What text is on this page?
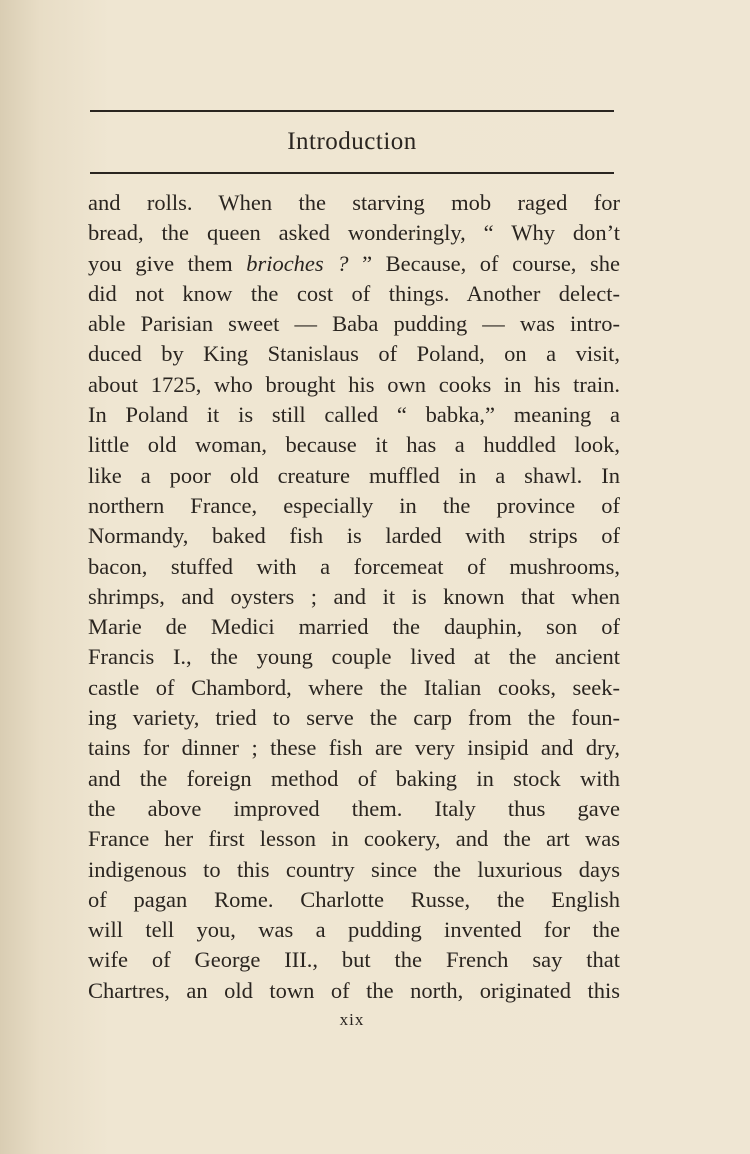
Introduction
and rolls. When the starving mob raged for
bread, the queen asked wonderingly, “ Why don’t
you give them brioches ? ” Because, of course, she
did not know the cost of things. Another delect-
able Parisian sweet — Baba pudding — was intro-
duced by King Stanislaus of Poland, on a visit,
about 1725, who brought his own cooks in his train.
In Poland it is still called “ babka,” meaning a
little old woman, because it has a huddled look,
like a poor old creature muffled in a shawl. In
northern France, especially in the province of
Normandy, baked fish is larded with strips of
bacon, stuffed with a forcemeat of mushrooms,
shrimps, and oysters ; and it is known that when
Marie de Medici married the dauphin, son of
Francis I., the young couple lived at the ancient
castle of Chambord, where the Italian cooks, seek-
ing variety, tried to serve the carp from the foun-
tains for dinner ; these fish are very insipid and dry,
and the foreign method of baking in stock with
the above improved them. Italy thus gave
France her first lesson in cookery, and the art was
indigenous to this country since the luxurious days
of pagan Rome. Charlotte Russe, the English
will tell you, was a pudding invented for the
wife of George III., but the French say that
Chartres, an old town of the north, originated this
xix
